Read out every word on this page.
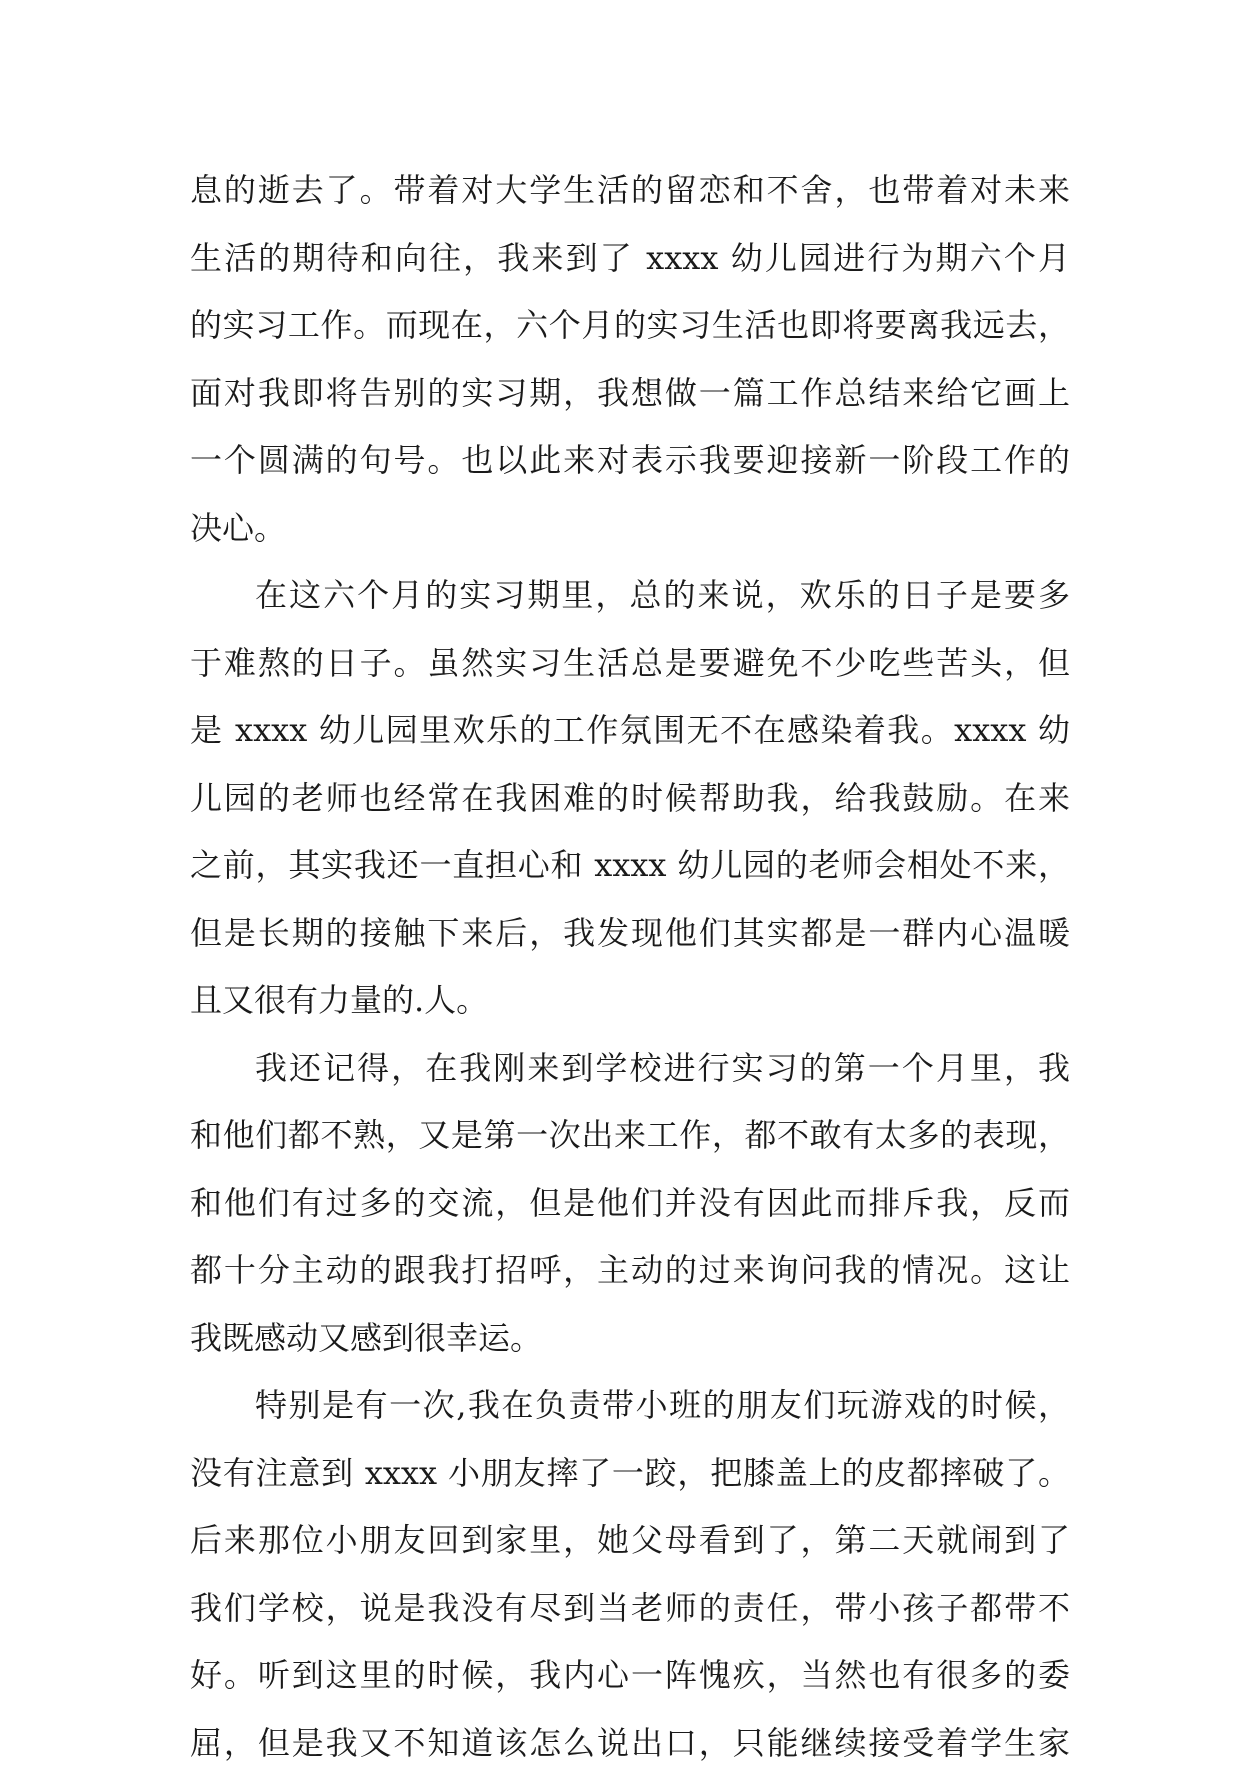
息的逝去了。带着对大学生活的留恋和不舍，也带着对未来
生活的期待和向往，我来到了 xxxx 幼儿园进行为期六个月
的实习工作。而现在，六个月的实习生活也即将要离我远去，
面对我即将告别的实习期，我想做一篇工作总结来给它画上
一个圆满的句号。也以此来对表示我要迎接新一阶段工作的
决心。
在这六个月的实习期里，总的来说，欢乐的日子是要多
于难熬的日子。虽然实习生活总是要避免不少吃些苦头，但
是 xxxx 幼儿园里欢乐的工作氛围无不在感染着我。xxxx 幼
儿园的老师也经常在我困难的时候帮助我，给我鼓励。在来
之前，其实我还一直担心和 xxxx 幼儿园的老师会相处不来，
但是长期的接触下来后，我发现他们其实都是一群内心温暖
且又很有力量的.人。
我还记得，在我刚来到学校进行实习的第一个月里，我
和他们都不熟，又是第一次出来工作，都不敢有太多的表现，
和他们有过多的交流，但是他们并没有因此而排斥我，反而
都十分主动的跟我打招呼，主动的过来询问我的情况。这让
我既感动又感到很幸运。
特别是有一次,我在负责带小班的朋友们玩游戏的时候，
没有注意到 xxxx 小朋友摔了一跤，把膝盖上的皮都摔破了。
后来那位小朋友回到家里，她父母看到了，第二天就闹到了
我们学校，说是我没有尽到当老师的责任，带小孩子都带不
好。听到这里的时候，我内心一阵愧疚，当然也有很多的委
屈，但是我又不知道该怎么说出口，只能继续接受着学生家
